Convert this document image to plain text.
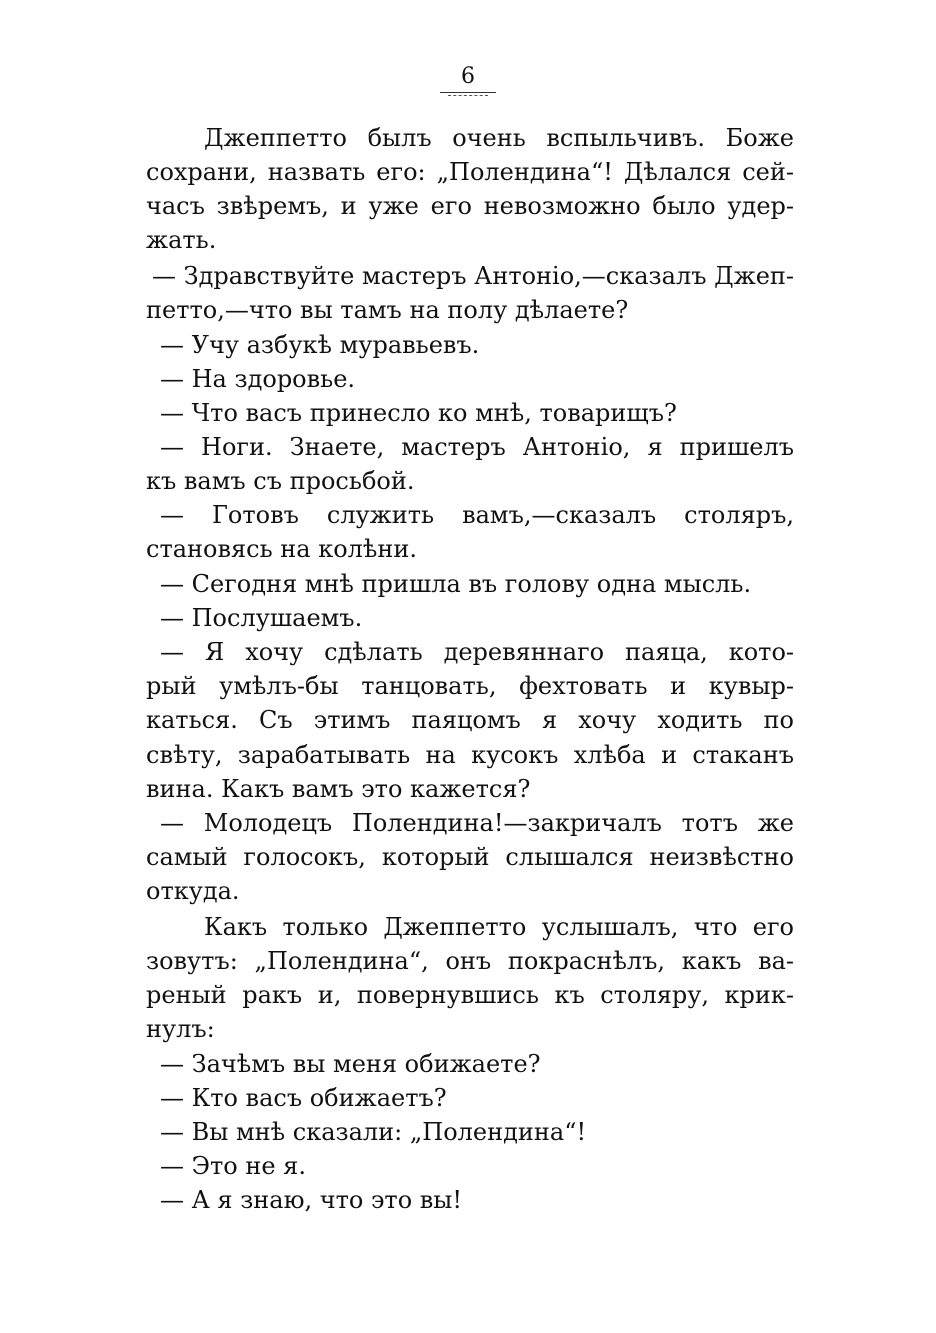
6
Джеппетто былъ очень вспыльчивъ. Боже
сохрани, назвать его: „Полендина“! Дѣлался сей-
часъ звѣремъ, и уже его невозможно было удер-
жать.
— Здравствуйте мастеръ Антоніо,—сказалъ Джеп-
петто,—что вы тамъ на полу дѣлаете?
— Учу азбукѣ муравьевъ.
— На здоровье.
— Что васъ принесло ко мнѣ, товарищъ?
— Ноги. Знаете, мастеръ Антоніо, я пришелъ
къ вамъ съ просьбой.
— Готовъ служить вамъ,—сказалъ столяръ,
становясь на колѣни.
— Сегодня мнѣ пришла въ голову одна мысль.
— Послушаемъ.
— Я хочу сдѣлать деревяннаго паяца, кото-
рый умѣлъ-бы танцовать, фехтовать и кувыр-
каться. Съ этимъ паяцомъ я хочу ходить по
свѣту, зарабатывать на кусокъ хлѣба и стаканъ
вина. Какъ вамъ это кажется?
— Молодецъ Полендина!—закричалъ тотъ же
самый голосокъ, который слышался неизвѣстно
откуда.
Какъ только Джеппетто услышалъ, что его
зовутъ: „Полендина“, онъ покраснѣлъ, какъ ва-
реный ракъ и, повернувшись къ столяру, крик-
нулъ:
— Зачѣмъ вы меня обижаете?
— Кто васъ обижаетъ?
— Вы мнѣ сказали: „Полендина“!
— Это не я.
— А я знаю, что это вы!
